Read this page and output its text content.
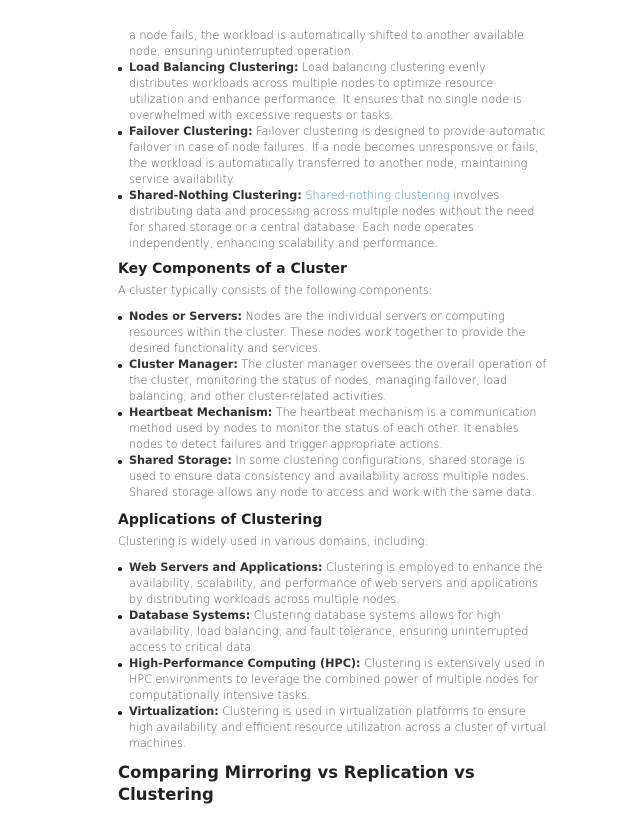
a node fails, the workload is automatically shifted to another available node, ensuring uninterrupted operation.
Load Balancing Clustering: Load balancing clustering evenly distributes workloads across multiple nodes to optimize resource utilization and enhance performance. It ensures that no single node is overwhelmed with excessive requests or tasks.
Failover Clustering: Failover clustering is designed to provide automatic failover in case of node failures. If a node becomes unresponsive or fails, the workload is automatically transferred to another node, maintaining service availability.
Shared-Nothing Clustering: Shared-nothing clustering involves distributing data and processing across multiple nodes without the need for shared storage or a central database. Each node operates independently, enhancing scalability and performance.
Key Components of a Cluster

A cluster typically consists of the following components:

Nodes or Servers: Nodes are the individual servers or computing resources within the cluster. These nodes work together to provide the desired functionality and services.
Cluster Manager: The cluster manager oversees the overall operation of the cluster, monitoring the status of nodes, managing failover, load balancing, and other cluster-related activities.
Heartbeat Mechanism: The heartbeat mechanism is a communication method used by nodes to monitor the status of each other. It enables nodes to detect failures and trigger appropriate actions.
Shared Storage: In some clustering configurations, shared storage is used to ensure data consistency and availability across multiple nodes. Shared storage allows any node to access and work with the same data.
Applications of Clustering

Clustering is widely used in various domains, including:

Web Servers and Applications: Clustering is employed to enhance the availability, scalability, and performance of web servers and applications by distributing workloads across multiple nodes.
Database Systems: Clustering database systems allows for high availability, load balancing, and fault tolerance, ensuring uninterrupted access to critical data.
High-Performance Computing (HPC): Clustering is extensively used in HPC environments to leverage the combined power of multiple nodes for computationally intensive tasks.
Virtualization: Clustering is used in virtualization platforms to ensure high availability and efficient resource utilization across a cluster of virtual machines.
Comparing Mirroring vs Replication vs Clustering
